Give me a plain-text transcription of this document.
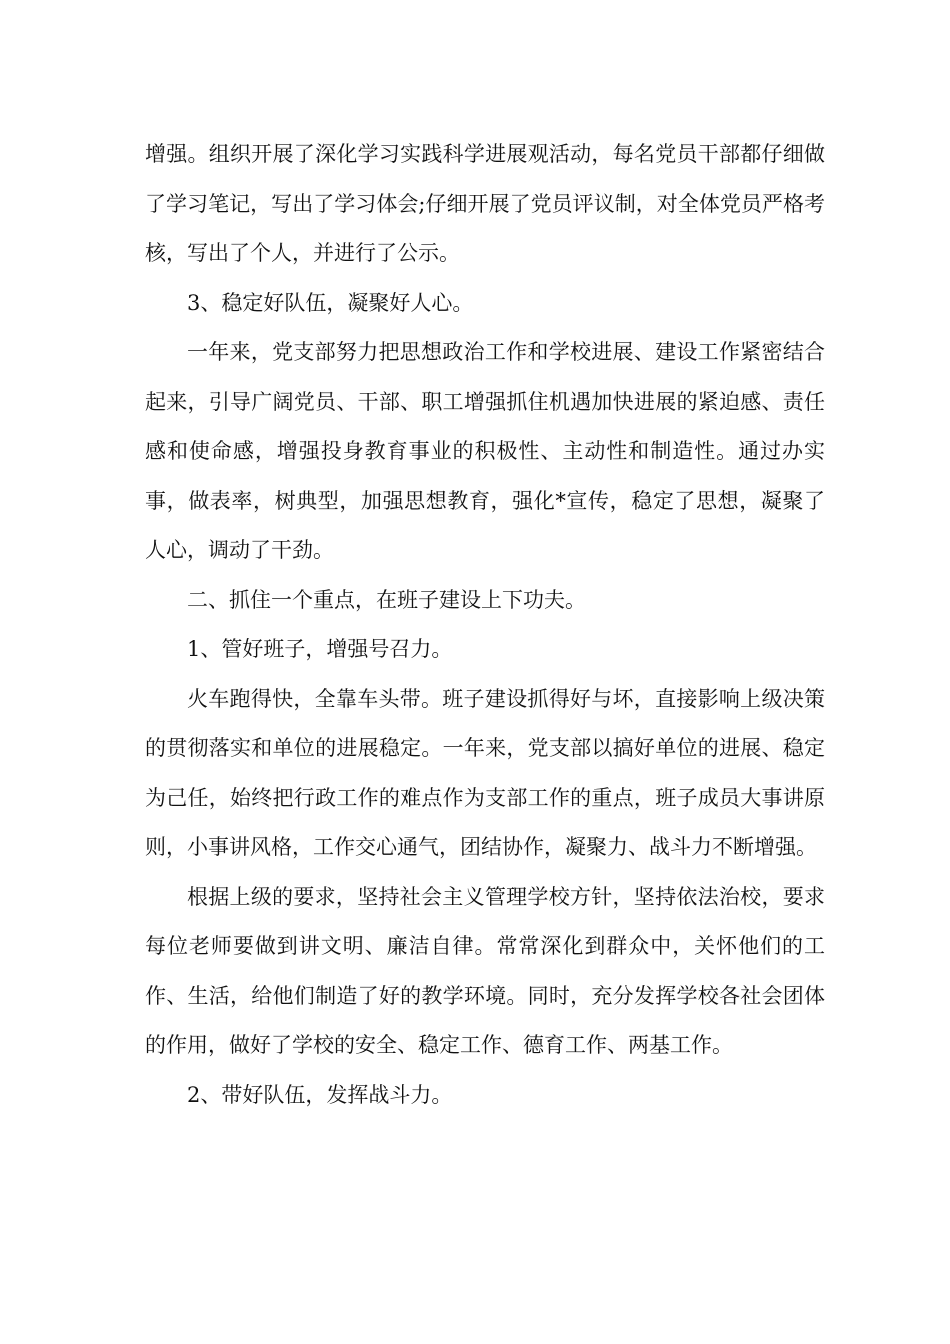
增强。组织开展了深化学习实践科学进展观活动，每名党员干部都仔细做了学习笔记，写出了学习体会;仔细开展了党员评议制，对全体党员严格考核，写出了个人，并进行了公示。

3、稳定好队伍，凝聚好人心。

一年来，党支部努力把思想政治工作和学校进展、建设工作紧密结合起来，引导广阔党员、干部、职工增强抓住机遇加快进展的紧迫感、责任感和使命感，增强投身教育事业的积极性、主动性和制造性。通过办实事，做表率，树典型，加强思想教育，强化*宣传，稳定了思想，凝聚了人心，调动了干劲。

二、抓住一个重点，在班子建设上下功夫。

1、管好班子，增强号召力。

火车跑得快，全靠车头带。班子建设抓得好与坏，直接影响上级决策的贯彻落实和单位的进展稳定。一年来，党支部以搞好单位的进展、稳定为己任，始终把行政工作的难点作为支部工作的重点，班子成员大事讲原则，小事讲风格，工作交心通气，团结协作，凝聚力、战斗力不断增强。

根据上级的要求，坚持社会主义管理学校方针，坚持依法治校，要求每位老师要做到讲文明、廉洁自律。常常深化到群众中，关怀他们的工作、生活，给他们制造了好的教学环境。同时，充分发挥学校各社会团体的作用，做好了学校的安全、稳定工作、德育工作、两基工作。

2、带好队伍，发挥战斗力。
